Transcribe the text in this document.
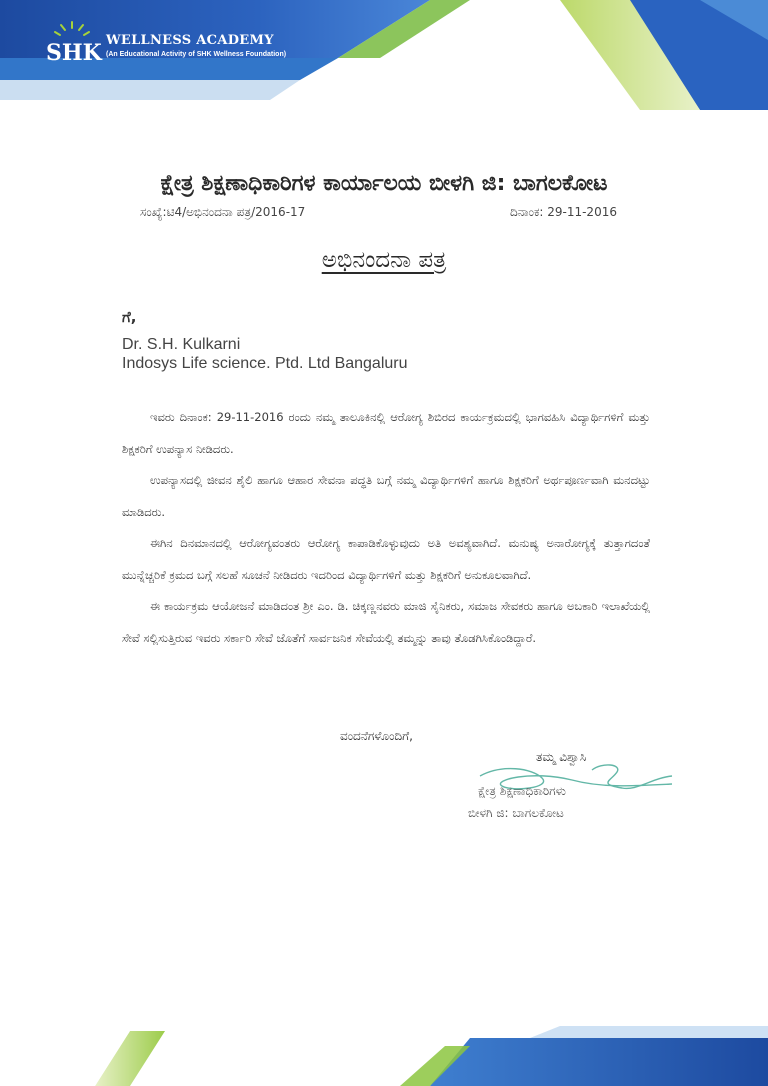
SHK WELLNESS ACADEMY
(An Educational Activity of SHK Wellness Foundation)
ಕ್ಷೇತ್ರ ಶಿಕ್ಷಣಾಧಿಕಾರಿಗಳ ಕಾರ್ಯಾಲಯ ಬೀಳಗಿ ಜಿ: ಬಾಗಲಕೋಟ
ಸಂಖ್ಯೆ:ಟಿ4/ಅಭಿನಂದನಾ ಪತ್ರ/2016-17	ದಿನಾಂಕ: 29-11-2016
ಅಭಿನಂದನಾ ಪತ್ರ
ಗೆ,
Dr. S.H. Kulkarni
Indosys Life science. Ptd. Ltd Bangaluru

ಇವರು ದಿನಾಂಕ: 29-11-2016 ರಂದು ನಮ್ಮ ತಾಲೂಕಿನಲ್ಲಿ ಆರೋಗ್ಯ ಶಿಬಿರದ ಕಾರ್ಯಕ್ರಮದಲ್ಲಿ ಭಾಗವಹಿಸಿ ವಿದ್ಯಾರ್ಥಿಗಳಿಗೆ ಮತ್ತು ಶಿಕ್ಷಕರಿಗೆ ಉಪನ್ಯಾಸ ನೀಡಿದರು.

ಉಪನ್ಯಾಸದಲ್ಲಿ ಜೀವನ ಶೈಲಿ ಹಾಗೂ ಆಹಾರ ಸೇವನಾ ಪದ್ಧತಿ ಬಗ್ಗೆ ನಮ್ಮ ವಿದ್ಯಾರ್ಥಿಗಳಿಗೆ ಹಾಗೂ ಶಿಕ್ಷಕರಿಗೆ ಅರ್ಥಪೂರ್ಣವಾಗಿ ಮನದಟ್ಟು ಮಾಡಿದರು.

ಈಗಿನ ದಿನಮಾನದಲ್ಲಿ ಆರೋಗ್ಯವಂತರು ಆರೋಗ್ಯ ಕಾಪಾಡಿಕೊಳ್ಳುವುದು ಅತಿ ಅವಶ್ಯವಾಗಿದೆ. ಮನುಷ್ಯ ಅನಾರೋಗ್ಯಕ್ಕೆ ತುತ್ತಾಗದಂತೆ ಮುನ್ನೆಚ್ಚರಿಕೆ ಕ್ರಮದ ಬಗ್ಗೆ ಸಲಹೆ ಸೂಚನೆ ನೀಡಿದರು ಇದರಿಂದ ವಿದ್ಯಾರ್ಥಿಗಳಿಗೆ ಮತ್ತು ಶಿಕ್ಷಕರಿಗೆ ಅನುಕೂಲವಾಗಿದೆ.

ಈ ಕಾರ್ಯಕ್ರಮ ಆಯೋಜನೆ ಮಾಡಿದಂತ ಶ್ರೀ ಎಂ. ಡಿ. ಚಿಕ್ಕಣ್ಣನವರು ಮಾಜಿ ಸೈನಿಕರು, ಸಮಾಜ ಸೇವಕರು ಹಾಗೂ ಅಬಕಾರಿ ಇಲಾಖೆಯಲ್ಲಿ ಸೇವೆ ಸಲ್ಲಿಸುತ್ತಿರುವ ಇವರು ಸರ್ಕಾರಿ ಸೇವೆ ಜೊತೆಗೆ ಸಾರ್ವಜನಿಕ ಸೇವೆಯಲ್ಲಿ ತಮ್ಮನ್ನು ತಾವು ತೊಡಗಿಸಿಕೊಂಡಿದ್ದಾರೆ.

ವಂದನೆಗಳೊಂದಿಗೆ,
ತಮ್ಮ ವಿಶ್ವಾಸಿ
ಕ್ಷೇತ್ರ ಶಿಕ್ಷಣಾಧಿಕಾರಿಗಳು
ಬೀಳಗಿ ಜಿ: ಬಾಗಲಕೋಟ
